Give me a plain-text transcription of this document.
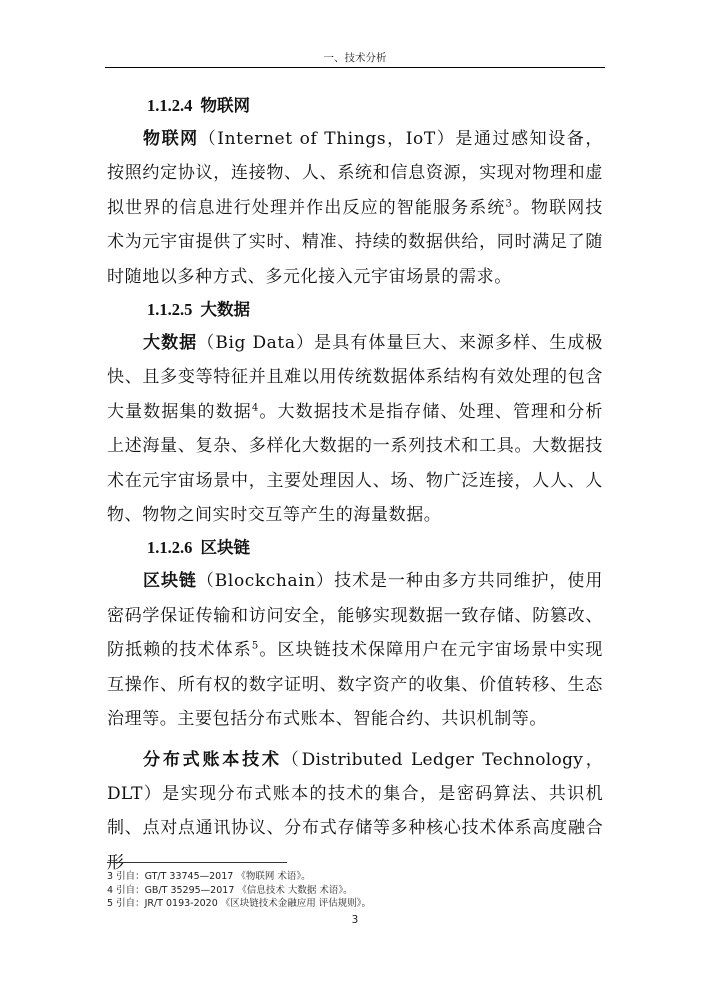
一、技术分析
1.1.2.4 物联网

物联网（Internet of Things，IoT）是通过感知设备，按照约定协议，连接物、人、系统和信息资源，实现对物理和虚拟世界的信息进行处理并作出反应的智能服务系统$^3$。物联网技术为元宇宙提供了实时、精准、持续的数据供给，同时满足了随时随地以多种方式、多元化接入元宇宙场景的需求。

1.1.2.5 大数据

大数据（Big Data）是具有体量巨大、来源多样、生成极快、且多变等特征并且难以用传统数据体系结构有效处理的包含大量数据集的数据$^4$。大数据技术是指存储、处理、管理和分析上述海量、复杂、多样化大数据的一系列技术和工具。大数据技术在元宇宙场景中，主要处理因人、场、物广泛连接，人人、人物、物物之间实时交互等产生的海量数据。

1.1.2.6 区块链

区块链（Blockchain）技术是一种由多方共同维护，使用密码学保证传输和访问安全，能够实现数据一致存储、防篡改、防抵赖的技术体系$^5$。区块链技术保障用户在元宇宙场景中实现互操作、所有权的数字证明、数字资产的收集、价值转移、生态治理等。主要包括分布式账本、智能合约、共识机制等。

分布式账本技术（Distributed Ledger Technology，DLT）是实现分布式账本的技术的集合，是密码算法、共识机制、点对点通讯协议、分布式存储等多种核心技术体系高度融合形

3 引自：GT/T 33745—2017 《物联网 术语》。
4 引自：GB/T 35295—2017 《信息技术 大数据 术语》。
5 引自：JR/T 0193-2020 《区块链技术金融应用 评估规则》。
3
